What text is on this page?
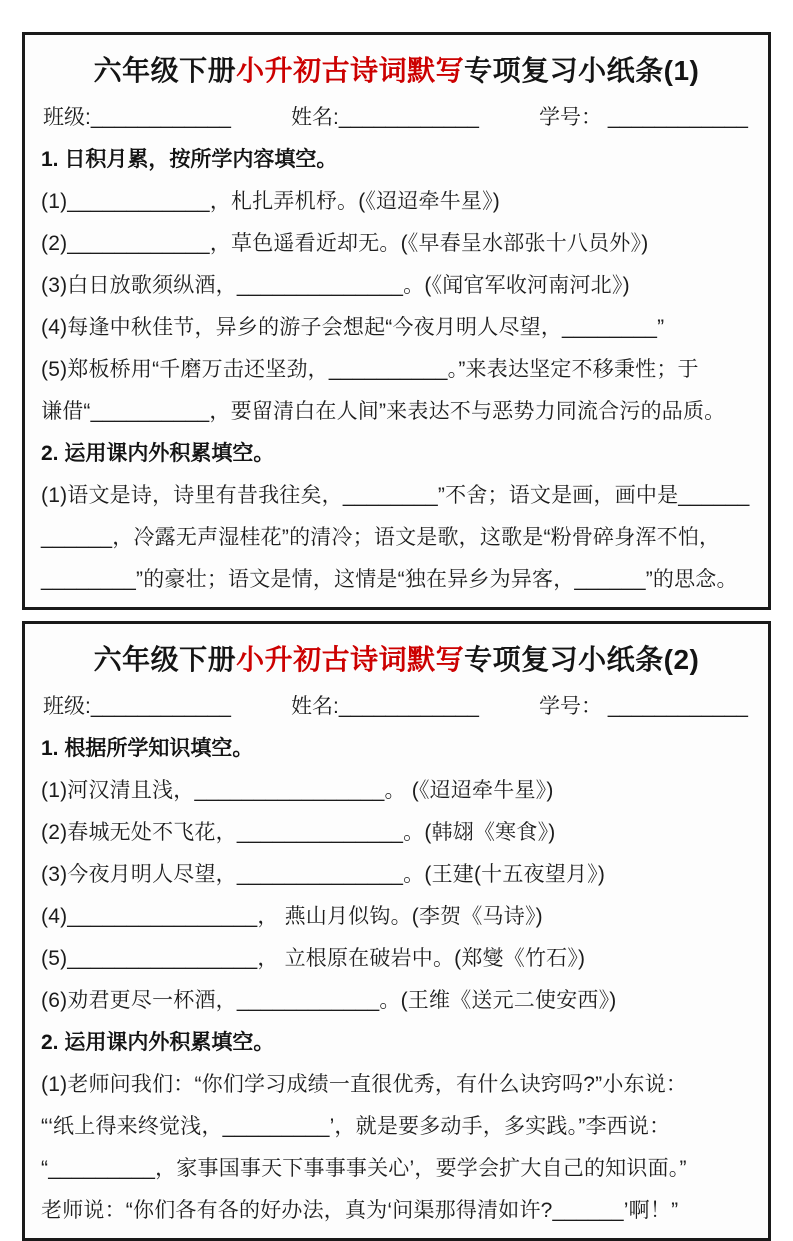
六年级下册小升初古诗词默写专项复习小纸条(1)
班级:____________	姓名:____________	学号： ____________

1. 日积月累，按所学内容填空。

(1)____________，札扎弄机杼。(《迢迢牵牛星》)

(2)____________，草色遥看近却无。(《早春呈水部张十八员外》)

(3)白日放歌须纵酒，______________。(《闻官军收河南河北》)

(4)每逢中秋佳节，异乡的游子会想起“今夜月明人尽望，________”

(5)郑板桥用“千磨万击还坚劲，__________。”来表达坚定不移秉性；于

谦借“__________，要留清白在人间”来表达不与恶势力同流合污的品质。

2. 运用课内外积累填空。

(1)语文是诗，诗里有昔我往矣，________”不舍；语文是画，画中是______

______，冷露无声湿桂花”的清冷；语文是歌，这歌是“粉骨碎身浑不怕，

________”的豪壮；语文是情，这情是“独在异乡为异客，______”的思念。

六年级下册小升初古诗词默写专项复习小纸条(2)
班级:____________	姓名:____________	学号： ____________

1. 根据所学知识填空。

(1)河汉清且浅，________________。 (《迢迢牵牛星》)

(2)春城无处不飞花，______________。(韩翃《寒食》)

(3)今夜月明人尽望，______________。(王建(十五夜望月》)

(4)________________， 燕山月似钩。(李贺《马诗》)

(5)________________， 立根原在破岩中。(郑燮《竹石》)

(6)劝君更尽一杯酒，____________。(王维《送元二使安西》)

2. 运用课内外积累填空。

(1)老师问我们：“你们学习成绩一直很优秀，有什么诀窍吗?”小东说：

“‘纸上得来终觉浅，_________’，就是要多动手，多实践。”李西说：

“_________，家事国事天下事事事关心’，要学会扩大自己的知识面。”

老师说：“你们各有各的好办法，真为‘问渠那得清如许?______’啊！”
